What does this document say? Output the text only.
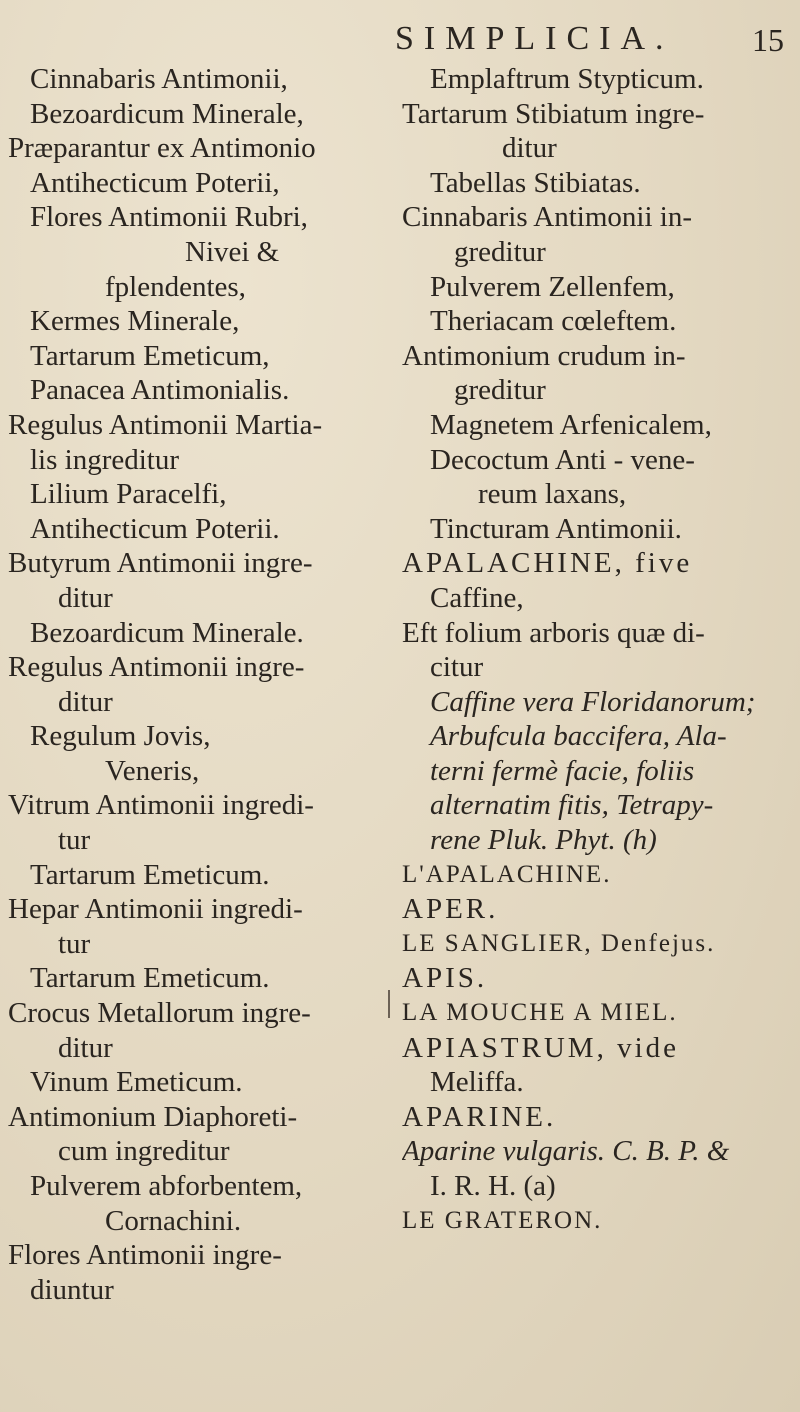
SIMPLICIA. 15
Cinnabaris Antimonii,
Bezoardicum Minerale,
Præparantur ex Antimonio
Antihecticum Poterii,
Flores Antimonii Rubri,
Nivei &
fplendentes,
Kermes Minerale,
Tartarum Emeticum,
Panacea Antimonialis.
Regulus Antimonii Martia-
lis ingreditur
Lilium Paracelfi,
Antihecticum Poterii.
Butyrum Antimonii ingre-
ditur
Bezoardicum Minerale.
Regulus Antimonii ingre-
ditur
Regulum Jovis,
Veneris,
Vitrum Antimonii ingredi-
tur
Tartarum Emeticum.
Hepar Antimonii ingredi-
tur
Tartarum Emeticum.
Crocus Metallorum ingre-
ditur
Vinum Emeticum.
Antimonium Diaphoreti-
cum ingreditur
Pulverem abforbentem,
Cornachini.
Flores Antimonii ingre-
diuntur
Emplaftrum Stypticum.
Tartarum Stibiatum ingre-
ditur
Tabellas Stibiatas.
Cinnabaris Antimonii in-
greditur
Pulverem Zellenfem,
Theriacam cœleftem.
Antimonium crudum in-
greditur
Magnetem Arfenicalem,
Decoctum Anti - vene-
reum laxans,
Tincturam Antimonii.
APALACHINE, five
Caffine,
Eft folium arboris quæ di-
citur
Caffine vera Floridanorum;
Arbufcula baccifera, Ala-
terni fermè facie, foliis
alternatim fitis, Tetrapy-
rene Pluk. Phyt. (h)
L'APALACHINE.
APER.
LE SANGLIER, Denfejus.
APIS.
LA MOUCHE A MIEL.
APIASTRUM, vide
Meliffa.
APARINE.
Aparine vulgaris. C. B. P. &
I. R. H. (a)
LE GRATERON.
